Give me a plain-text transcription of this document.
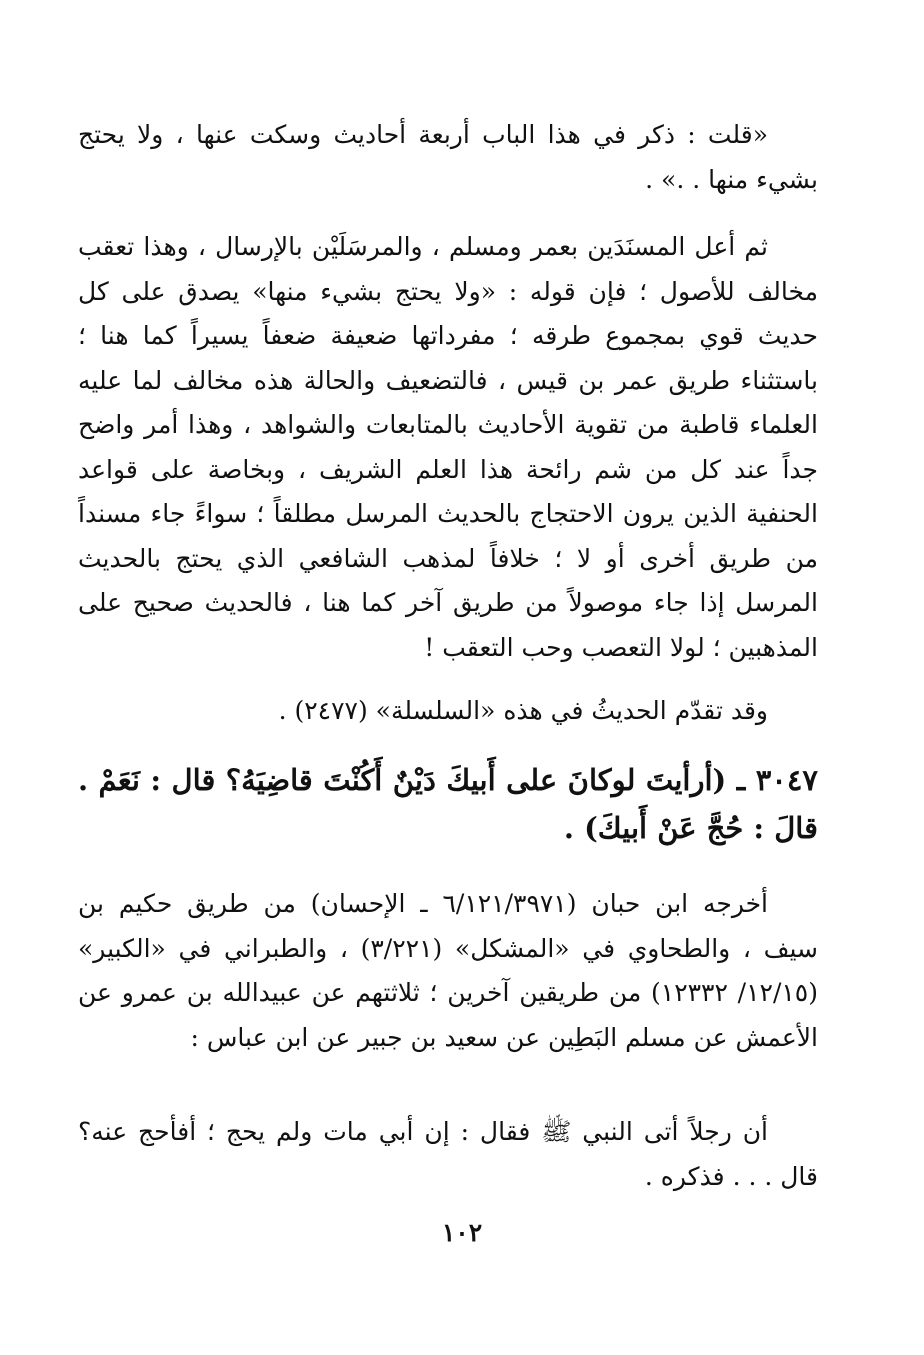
«قلت : ذكر في هذا الباب أربعة أحاديث وسكت عنها ، ولا يحتج بشيء منها . .» .

ثم أعل المسنَدَين بعمر ومسلم ، والمرسَلَيْن بالإرسال ، وهذا تعقب مخالف للأصول ؛ فإن قوله : «ولا يحتج بشيء منها» يصدق على كل حديث قوي بمجموع طرقه ؛ مفرداتها ضعيفة ضعفاً يسيراً كما هنا ؛ باستثناء طريق عمر بن قيس ، فالتضعيف والحالة هذه مخالف لما عليه العلماء قاطبة من تقوية الأحاديث بالمتابعات والشواهد ، وهذا أمر واضح جداً عند كل من شم رائحة هذا العلم الشريف ، وبخاصة على قواعد الحنفية الذين يرون الاحتجاج بالحديث المرسل مطلقاً ؛ سواءً جاء مسنداً من طريق أخرى أو لا ؛ خلافاً لمذهب الشافعي الذي يحتج بالحديث المرسل إذا جاء موصولاً من طريق آخر كما هنا ، فالحديث صحيح على المذهبين ؛ لولا التعصب وحب التعقب !

وقد تقدّم الحديثُ في هذه «السلسلة» (٢٤٧٧) .

٣٠٤٧ ـ (أرأيتَ لوكانَ على أَبيكَ دَيْنٌ أَكُنْتَ قاضِيَهُ؟ قال : نَعَمْ . قالَ : حُجَّ عَنْ أَبيكَ) .

أخرجه ابن حبان (٦/١٢١/٣٩٧١ ـ الإحسان) من طريق حكيم بن سيف ، والطحاوي في «المشكل» (٣/٢٢١) ، والطبراني في «الكبير» (١٢/١٥/ ١٢٣٣٢) من طريقين آخرين ؛ ثلاثتهم عن عبيدالله بن عمرو عن الأعمش عن مسلم البَطِين عن سعيد بن جبير عن ابن عباس :

أن رجلاً أتى النبي ﷺ فقال : إن أبي مات ولم يحج ؛ أفأحج عنه؟ قال . . . فذكره .

١٠٢
